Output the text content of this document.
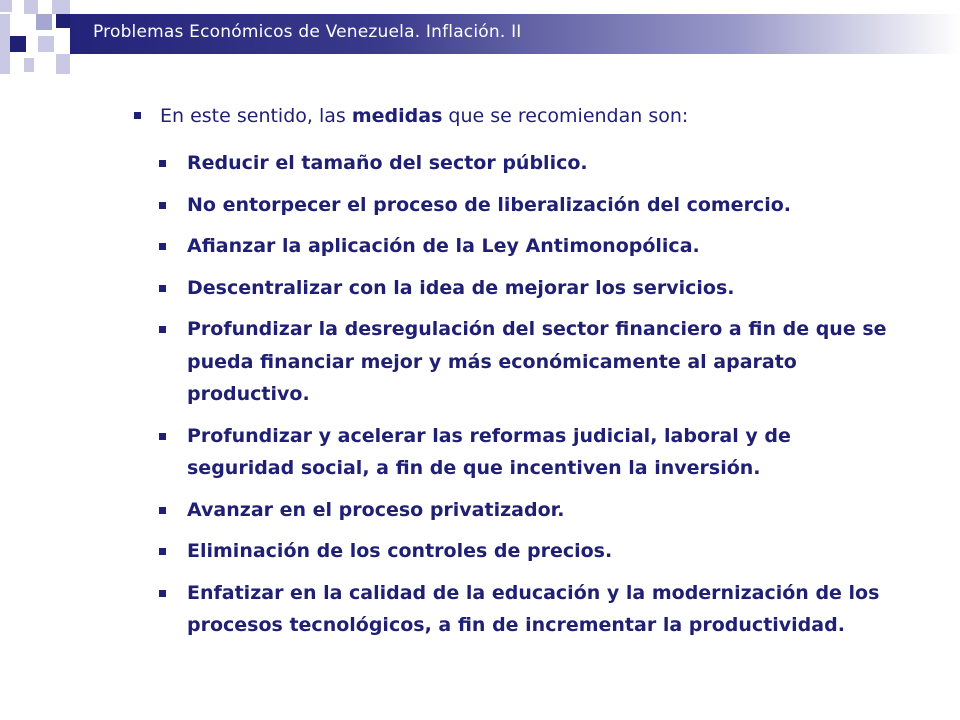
Problemas Económicos de Venezuela. Inflación. II
En este sentido, las medidas que se recomiendan son:
Reducir el tamaño del sector público.
No entorpecer el proceso de liberalización del comercio.
Afianzar la aplicación de la Ley Antimonopólica.
Descentralizar con la idea de mejorar los servicios.
Profundizar la desregulación del sector financiero a fin de que se pueda financiar mejor y más económicamente al aparato productivo.
Profundizar y acelerar las reformas judicial, laboral y de seguridad social, a fin de que incentiven la inversión.
Avanzar en el proceso privatizador.
Eliminación de los controles de precios.
Enfatizar en la calidad de la educación y la modernización de los procesos tecnológicos, a fin de incrementar la productividad.
